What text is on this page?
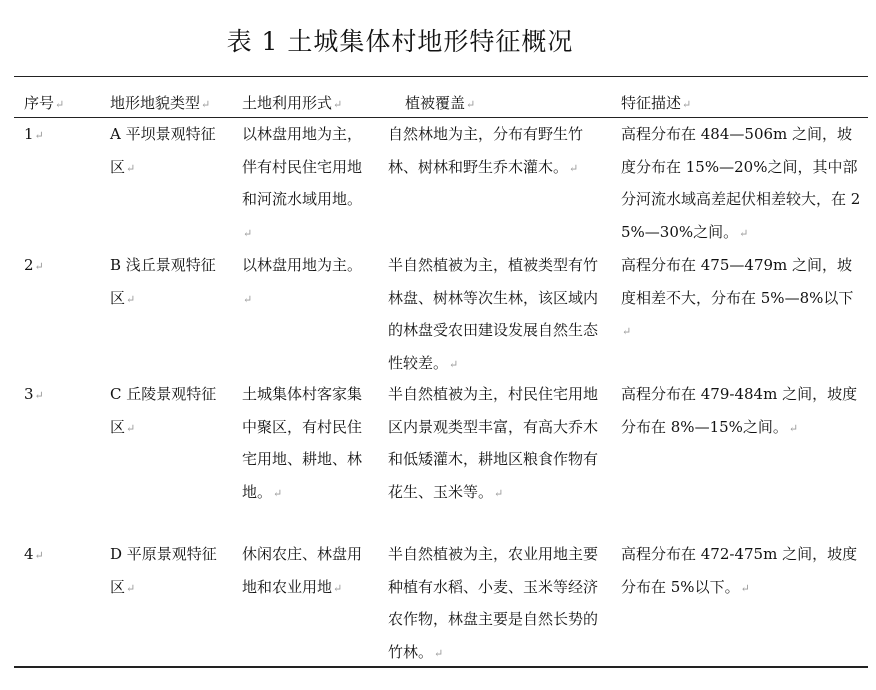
表 1 土城集体村地形特征概况
序号↵	地形地貌类型↵ 土地利用形式↵	植被覆盖↵	特征描述↵
1↵	A 平坝景观特征区↵
以林盘用地为主，伴有村民住宅用地和河流水域用地。↵
自然林地为主，分布有野生竹林、树林和野生乔木灌木。↵
高程分布在 484—506m 之间，坡度分布在 15%—20%之间，其中部分河流水域高差起伏相差较大，在 25%—30%之间。↵
2↵	B 浅丘景观特征区↵
以林盘用地为主。↵
半自然植被为主，植被类型有竹林盘、树林等次生林，该区域内的林盘受农田建设发展自然生态性较差。↵
高程分布在 475—479m 之间，坡度相差不大，分布在 5%—8%以下↵
3↵	C 丘陵景观特征区↵
土城集体村客家集中聚区，有村民住宅用地、耕地、林地。↵
半自然植被为主，村民住宅用地区内景观类型丰富，有高大乔木和低矮灌木，耕地区粮食作物有花生、玉米等。↵
高程分布在 479-484m 之间，坡度分布在 8%—15%之间。↵
4↵	D 平原景观特征区↵
休闲农庄、林盘用地和农业用地↵
半自然植被为主，农业用地主要种植有水稻、小麦、玉米等经济农作物，林盘主要是自然长势的竹林。↵
高程分布在 472-475m 之间，坡度分布在 5%以下。↵
